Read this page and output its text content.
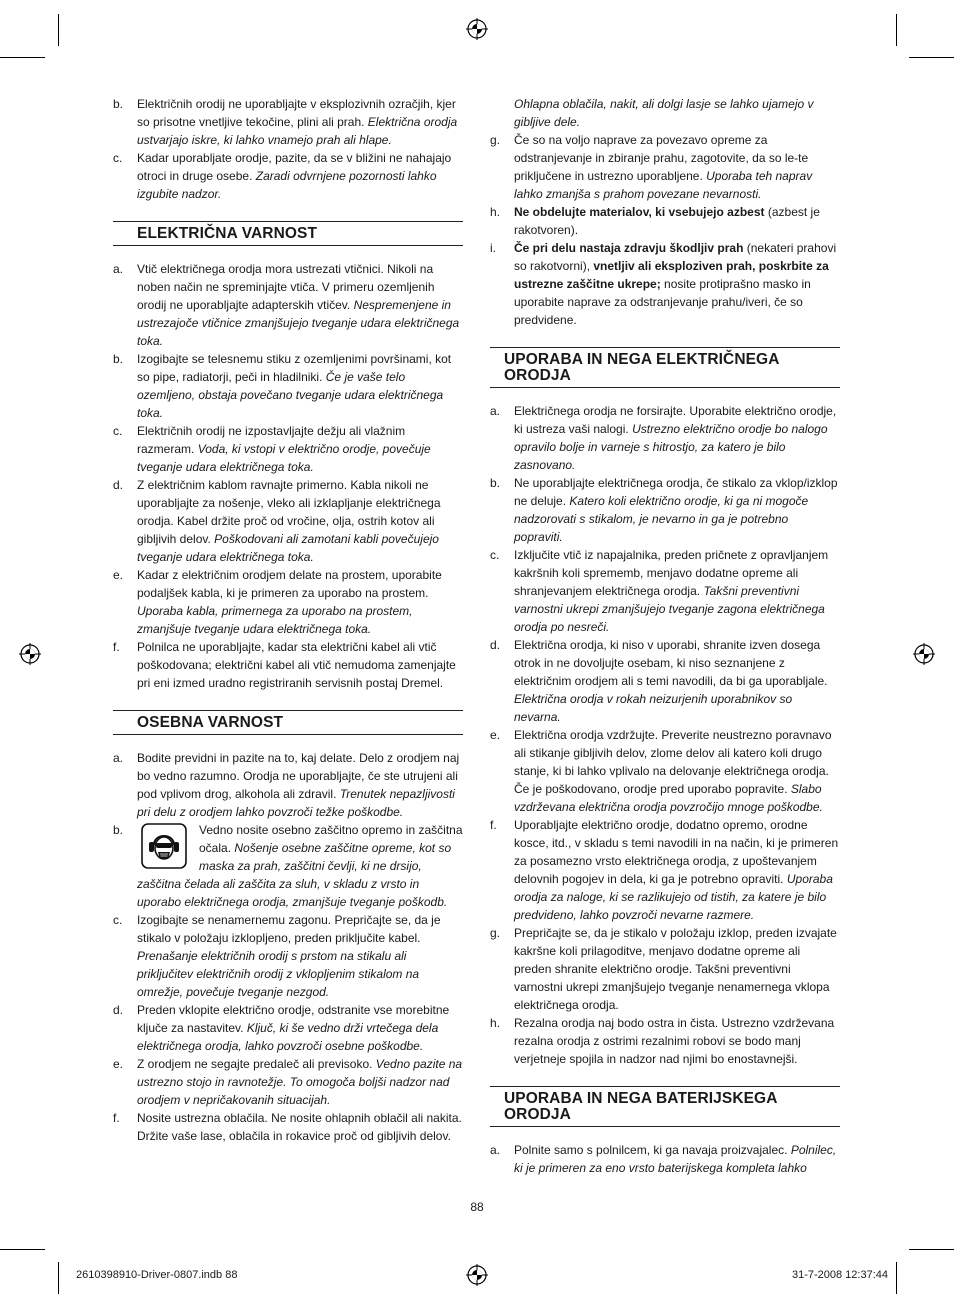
b.	Električnih orodij ne uporabljajte v eksplozivnih ozračjih, kjer so prisotne vnetljive tekočine, plini ali prah. Električna orodja ustvarjajo iskre, ki lahko vnamejo prah ali hlape.
c.	Kadar uporabljate orodje, pazite, da se v bližini ne nahajajo otroci in druge osebe. Zaradi odvrnjene pozornosti lahko izgubite nadzor.
ELEKTRIČNA VARNOST
a.	Vtič električnega orodja mora ustrezati vtičnici. Nikoli na noben način ne spreminjajte vtiča. V primeru ozemljenih orodij ne uporabljajte adapterskih vtičev. Nespremenjene in ustrezajoče vtičnice zmanjšujejo tveganje udara električnega toka.
b.	Izogibajte se telesnemu stiku z ozemljenimi površinami, kot so pipe, radiatorji, peči in hladilniki. Če je vaše telo ozemljeno, obstaja povečano tveganje udara električnega toka.
c.	Električnih orodij ne izpostavljajte dežju ali vlažnim razmeram. Voda, ki vstopi v električno orodje, povečuje tveganje udara električnega toka.
d.	Z električnim kablom ravnajte primerno. Kabla nikoli ne uporabljajte za nošenje, vleko ali izklapljanje električnega orodja. Kabel držite proč od vročine, olja, ostrih kotov ali gibljivih delov. Poškodovani ali zamotani kabli povečujejo tveganje udara električnega toka.
e.	Kadar z električnim orodjem delate na prostem, uporabite podaljšek kabla, ki je primeren za uporabo na prostem. Uporaba kabla, primernega za uporabo na prostem, zmanjšuje tveganje udara električnega toka.
f.	Polnilca ne uporabljajte, kadar sta električni kabel ali vtič poškodovana; električni kabel ali vtič nemudoma zamenjajte pri eni izmed uradno registriranih servisnih postaj Dremel.
OSEBNA VARNOST
a.	Bodite previdni in pazite na to, kaj delate. Delo z orodjem naj bo vedno razumno. Orodja ne uporabljajte, če ste utrujeni ali pod vplivom drog, alkohola ali zdravil. Trenutek nepazljivosti pri delu z orodjem lahko povzroči težke poškodbe.
b.	Vedno nosite osebno zaščitno opremo in zaščitna očala. Nošenje osebne zaščitne opreme, kot so maska za prah, zaščitni čevlji, ki ne drsijo, zaščitna čelada ali zaščita za sluh, v skladu z vrsto in uporabo električnega orodja, zmanjšuje tveganje poškodb.
c.	Izogibajte se nenamernemu zagonu. Prepričajte se, da je stikalo v položaju izklopljeno, preden priključite kabel. Prenašanje električnih orodij s prstom na stikalu ali priključitev električnih orodij z vklopljenim stikalom na omrežje, povečuje tveganje nezgod.
d.	Preden vklopite električno orodje, odstranite vse morebitne ključe za nastavitev. Ključ, ki še vedno drži vrtečega dela električnega orodja, lahko povzroči osebne poškodbe.
e.	Z orodjem ne segajte predaleč ali previsoko. Vedno pazite na ustrezno stojo in ravnotežje. To omogoča boljši nadzor nad orodjem v nepričakovanih situacijah.
f.	Nosite ustrezna oblačila. Ne nosite ohlapnih oblačil ali nakita. Držite vaše lase, oblačila in rokavice proč od gibljivih delov.
Ohlapna oblačila, nakit, ali dolgi lasje se lahko ujamejo v gibljive dele.
g.	Če so na voljo naprave za povezavo opreme za odstranjevanje in zbiranje prahu, zagotovite, da so le-te priključene in ustrezno uporabljene. Uporaba teh naprav lahko zmanjša s prahom povezane nevarnosti.
h.	Ne obdelujte materialov, ki vsebujejo azbest (azbest je rakotvoren).
i.	Če pri delu nastaja zdravju škodljiv prah (nekateri prahovi so rakotvorni), vnetljiv ali eksploziven prah, poskrbite za ustrezne zaščitne ukrepe; nosite protiprašno masko in uporabite naprave za odstranjevanje prahu/iveri, če so predvidene.
UPORABA IN NEGA ELEKTRIČNEGA ORODJA
a.	Električnega orodja ne forsirajte. Uporabite električno orodje, ki ustreza vaši nalogi. Ustrezno električno orodje bo nalogo opravilo bolje in varneje s hitrostjo, za katero je bilo zasnovano.
b.	Ne uporabljajte električnega orodja, če stikalo za vklop/izklop ne deluje. Katero koli električno orodje, ki ga ni mogoče nadzorovati s stikalom, je nevarno in ga je potrebno popraviti.
c.	Izključite vtič iz napajalnika, preden pričnete z opravljanjem kakršnih koli sprememb, menjavo dodatne opreme ali shranjevanjem električnega orodja. Takšni preventivni varnostni ukrepi zmanjšujejo tveganje zagona električnega orodja po nesreči.
d.	Električna orodja, ki niso v uporabi, shranite izven dosega otrok in ne dovoljujte osebam, ki niso seznanjene z električnim orodjem ali s temi navodili, da bi ga uporabljale. Električna orodja v rokah neizurjenih uporabnikov so nevarna.
e.	Električna orodja vzdržujte. Preverite neustrezno poravnavo ali stikanje gibljivih delov, zlome delov ali katero koli drugo stanje, ki bi lahko vplivalo na delovanje električnega orodja. Če je poškodovano, orodje pred uporabo popravite. Slabo vzdrževana električna orodja povzročijo mnoge poškodbe.
f.	Uporabljajte električno orodje, dodatno opremo, orodne kosce, itd., v skladu s temi navodili in na način, ki je primeren za posamezno vrsto električnega orodja, z upoštevanjem delovnih pogojev in dela, ki ga je potrebno opraviti. Uporaba orodja za naloge, ki se razlikujejo od tistih, za katere je bilo predvideno, lahko povzroči nevarne razmere.
g.	Prepričajte se, da je stikalo v položaju izklop, preden izvajate kakršne koli prilagoditve, menjavo dodatne opreme ali preden shranite električno orodje. Takšni preventivni varnostni ukrepi zmanjšujejo tveganje nenamernega vklopa električnega orodja.
h.	Rezalna orodja naj bodo ostra in čista. Ustrezno vzdrževana rezalna orodja z ostrimi rezalnimi robovi se bodo manj verjetneje spojila in nadzor nad njimi bo enostavnejši.
UPORABA IN NEGA BATERIJSKEGA ORODJA
a.	Polnite samo s polnilcem, ki ga navaja proizvajalec. Polnilec, ki je primeren za eno vrsto baterijskega kompleta lahko
88
2610398910-Driver-0807.indb 88	31-7-2008 12:37:44
